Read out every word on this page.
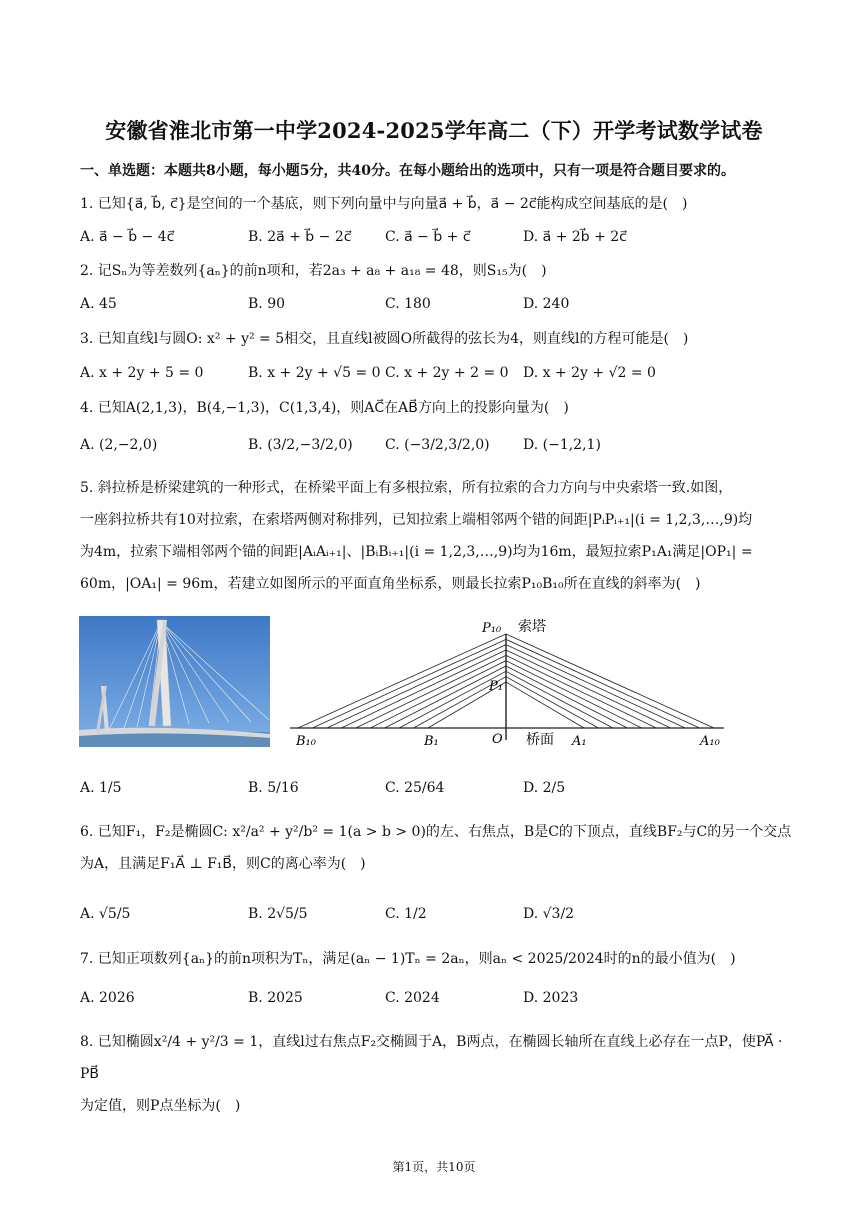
安徽省淮北市第一中学2024-2025学年高二（下）开学考试数学试卷
一、单选题：本题共8小题，每小题5分，共40分。在每小题给出的选项中，只有一项是符合题目要求的。
1. 已知{a⃗, b⃗, c⃗}是空间的一个基底，则下列向量中与向量a⃗ + b⃗，a⃗ − 2c⃗能构成空间基底的是(　)
A. a⃗ − b⃗ − 4c⃗	B. 2a⃗ + b⃗ − 2c⃗ C. a⃗ − b⃗ + c⃗	D. a⃗ + 2b⃗ + 2c⃗
2. 记Sₙ为等差数列{aₙ}的前n项和，若2a₃ + a₈ + a₁₈ = 48，则S₁₅为(　)
A. 45	B. 90	C. 180	D. 240
3. 已知直线l与圆O: x² + y² = 5相交，且直线l被圆O所截得的弦长为4，则直线l的方程可能是(　)
A. x + 2y + 5 = 0	B. x + 2y + √5 = 0 C. x + 2y + 2 = 0 D. x + 2y + √2 = 0
4. 已知A(2,1,3)，B(4,−1,3)，C(1,3,4)，则AC⃗在AB⃗方向上的投影向量为(　)
A. (2,−2,0)	B. (3/2,−3/2,0) C. (−3/2,3/2,0) D. (−1,2,1)
5. 斜拉桥是桥梁建筑的一种形式，在桥梁平面上有多根拉索，所有拉索的合力方向与中央索塔一致.如图，
一座斜拉桥共有10对拉索，在索塔两侧对称排列，已知拉索上端相邻两个错的间距|PᵢPᵢ₊₁|(i = 1,2,3,…,9)均
为4m，拉索下端相邻两个锚的间距|AᵢAᵢ₊₁|、|BᵢBᵢ₊₁|(i = 1,2,3,…,9)均为16m，最短拉索P₁A₁满足|OP₁| =
60m，|OA₁| = 96m，若建立如图所示的平面直角坐标系，则最长拉索P₁₀B₁₀所在直线的斜率为(　)
P₁₀ 索塔
P₁
B₁₀	B₁	O 桥面 A₁	A₁₀
A. 1/5	B. 5/16	C. 25/64	D. 2/5
6. 已知F₁，F₂是椭圆C: x²/a² + y²/b² = 1(a > b > 0)的左、右焦点，B是C的下顶点，直线BF₂与C的另一个交点
为A，且满足F₁A⃗ ⊥ F₁B⃗，则C的离心率为(　)
A. √5/5	B. 2√5/5	C. 1/2	D. √3/2
7. 已知正项数列{aₙ}的前n项积为Tₙ，满足(aₙ − 1)Tₙ = 2aₙ，则aₙ < 2025/2024时的n的最小值为(　)
A. 2026	B. 2025	C. 2024	D. 2023
8. 已知椭圆x²/4 + y²/3 = 1，直线l过右焦点F₂交椭圆于A，B两点，在椭圆长轴所在直线上必存在一点P，使PA⃗ · PB⃗
为定值，则P点坐标为(　)
第1页，共10页
